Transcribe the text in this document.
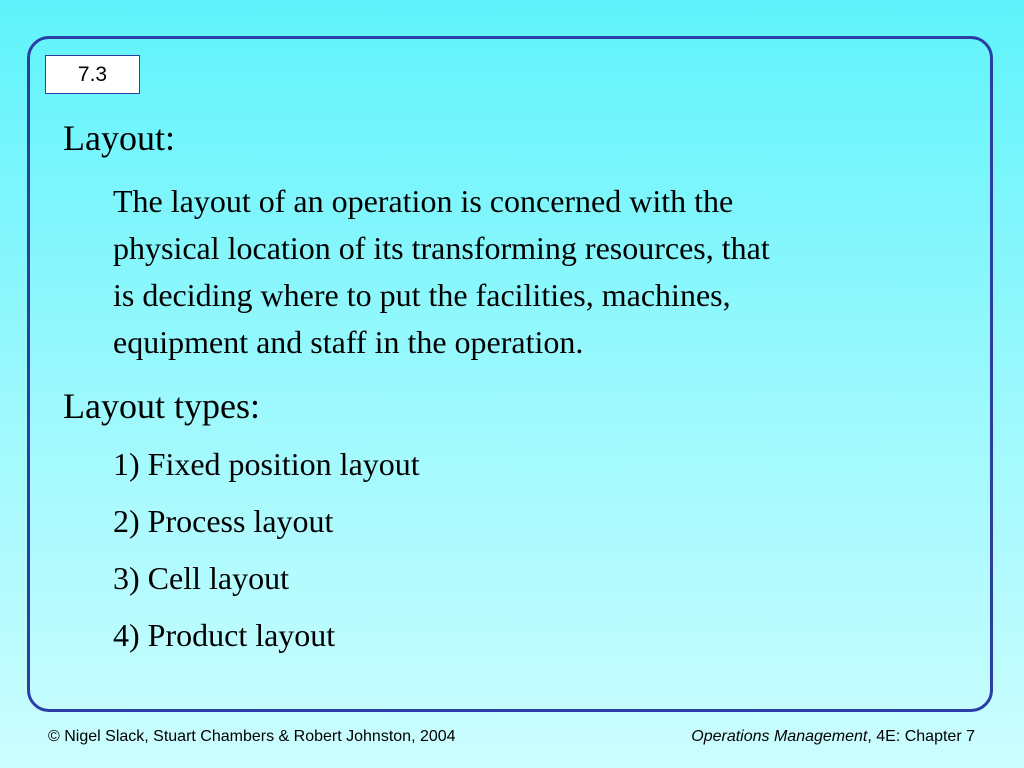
7.3
Layout:
The layout of an operation is concerned with the
physical location of its transforming resources, that
is deciding where to put the facilities, machines,
equipment and staff in the operation.
Layout types:
1) Fixed position layout
2) Process layout
3) Cell layout
4) Product layout
© Nigel Slack, Stuart Chambers & Robert Johnston, 2004	Operations Management, 4E: Chapter 7
